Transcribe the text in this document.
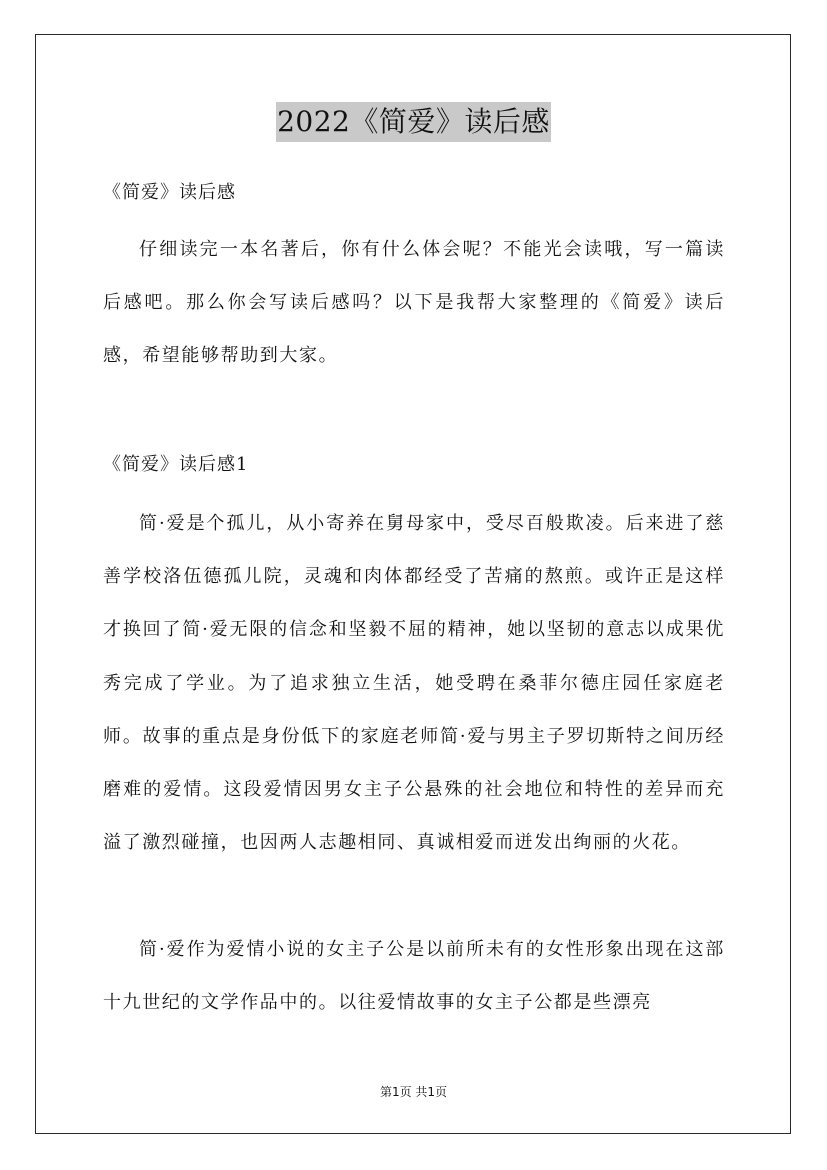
2022《简爱》读后感

《简爱》读后感

仔细读完一本名著后，你有什么体会呢？不能光会读哦，写一篇读后感吧。那么你会写读后感吗？以下是我帮大家整理的《简爱》读后感，希望能够帮助到大家。

《简爱》读后感1

简·爱是个孤儿，从小寄养在舅母家中，受尽百般欺凌。后来进了慈善学校洛伍德孤儿院，灵魂和肉体都经受了苦痛的熬煎。或许正是这样才换回了简·爱无限的信念和坚毅不屈的精神，她以坚韧的意志以成果优秀完成了学业。为了追求独立生活，她受聘在桑菲尔德庄园任家庭老师。故事的重点是身份低下的家庭老师简·爱与男主子罗切斯特之间历经磨难的爱情。这段爱情因男女主子公悬殊的社会地位和特性的差异而充溢了激烈碰撞，也因两人志趣相同、真诚相爱而迸发出绚丽的火花。

简·爱作为爱情小说的女主子公是以前所未有的女性形象出现在这部十九世纪的文学作品中的。以往爱情故事的女主子公都是些漂亮

第1页 共1页
